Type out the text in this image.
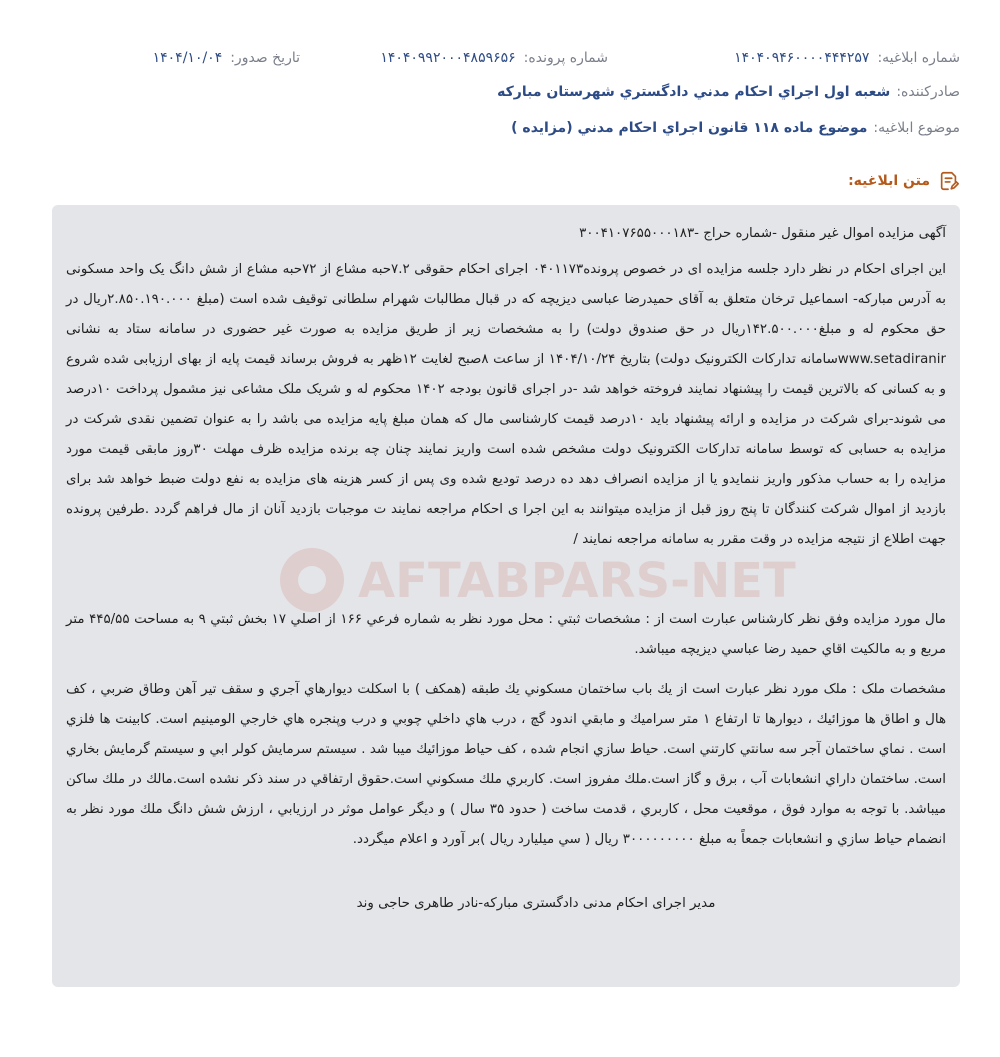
شماره ابلاغیه:
۱۴۰۴۰۹۴۶۰۰۰۰۴۴۴۲۵۷
شماره پرونده:
۱۴۰۴۰۹۹۲۰۰۰۴۸۵۹۶۵۶
تاریخ صدور:
۱۴۰۴/۱۰/۰۴
صادرکننده:
شعبه اول اجراي احکام مدني دادگستري شهرستان مبارکه
موضوع ابلاغیه:
موضوع ماده ۱۱۸ قانون اجراي احکام مدني (مزايده )
متن ابلاغیه:
AFTABPARS-NET

آگهی مزایده اموال غیر منقول -شماره حراج -۳۰۰۴۱۰۷۶۵۵۰۰۰۱۸۳

این اجرای احکام در نظر دارد جلسه مزایده ای در خصوص پرونده۰۴۰۱۱۷۳ اجرای احکام حقوقی ۷.۲حبه مشاع از ۷۲حبه مشاع از شش دانگ یک واحد مسکونی به آدرس مبارکه- اسماعیل ترخان متعلق به آقای حمیدرضا عباسی دیزیچه که در قبال مطالبات شهرام سلطانی توقیف شده است (مبلغ ۲.۸۵۰.۱۹۰.۰۰۰ریال در حق محکوم له و مبلغ۱۴۲.۵۰۰.۰۰۰ریال در حق صندوق دولت) را به مشخصات زیر از طریق مزایده به صورت غیر حضوری در سامانه ستاد به نشانی www.setadiranirسامانه تدارکات الکترونیک دولت) بتاریخ ۱۴۰۴/۱۰/۲۴ از ساعت ۸صبح لغایت ۱۲ظهر به فروش برساند قیمت پایه از بهای ارزیابی شده شروع و به کسانی که بالاترین قیمت را پیشنهاد نمایند فروخته خواهد شد -در اجرای قانون بودجه ۱۴۰۲ محکوم له و شریک ملک مشاعی نیز مشمول پرداخت ۱۰درصد می شوند-برای شرکت در مزایده و ارائه پیشنهاد باید ۱۰درصد قیمت کارشناسی مال که همان مبلغ پایه مزایده می باشد را به عنوان تضمین نقدی شرکت در مزایده به حسابی که توسط سامانه تدارکات الکترونیک دولت مشخص شده است واریز نمایند چنان چه برنده مزایده ظرف مهلت ۳۰روز مابقی قیمت مورد مزایده را به حساب مذکور واریز ننمایدو یا از مزایده انصراف دهد ده درصد تودیع شده وی پس از کسر هزینه های مزایده به نفع دولت ضبط خواهد شد برای بازدید از اموال شرکت کنندگان تا پنج روز قبل از مزایده میتوانند به این اجرا ی احکام مراجعه نمایند ت موجبات بازدید آنان از مال فراهم گردد .طرفین پرونده جهت اطلاع از نتیجه مزایده در وقت مقرر به سامانه مراجعه نمایند /

مال مورد مزايده وفق نظر کارشناس عبارت است از : مشخصات ثبتي : محل مورد نظر به شماره فرعي ۱۶۶ از اصلي ۱۷ بخش ثبتي ۹ به مساحت ۴۴۵/۵۵ متر مربع و به مالکيت اقاي حميد رضا عباسي ديزيچه ميباشد.

مشخصات ملک : ملک مورد نظر عبارت است از يك باب ساختمان مسکوني يك طبقه (همکف ) با اسکلت ديوارهاي آجري و سقف تير آهن وطاق ضربي ، کف هال و اطاق ها موزائيك ، ديوارها تا ارتفاع ۱ متر سراميك و مابقي اندود گچ ، درب هاي داخلي چوبي و درب وپنجره هاي خارجي الومينيم است. کابينت ها فلزي است . نماي ساختمان آجر سه سانتي کارتني است. حياط سازي انجام شده ، کف حياط موزائيك ميبا شد . سيستم سرمايش کولر ابي و سيستم گرمايش بخاري است. ساختمان داراي انشعابات آب ، برق و گاز است.ملك مفروز است. کاربري ملك مسکوني است.حقوق ارتفاقي در سند ذکر نشده است.مالك در ملك ساکن ميباشد. با توجه به موارد فوق ، موقعيت محل ، کاربري ، قدمت ساخت ( حدود ۳۵ سال ) و ديگر عوامل موثر در ارزيابي ، ارزش شش دانگ ملك مورد نظر به انضمام حياط سازي و انشعابات جمعاً به مبلغ ۳۰۰۰۰۰۰۰۰۰ ريال ( سي ميليارد ريال )بر آورد و اعلام ميگردد.

مدیر اجرای احکام مدنی دادگستری مبارکه-نادر طاهری حاجی وند
